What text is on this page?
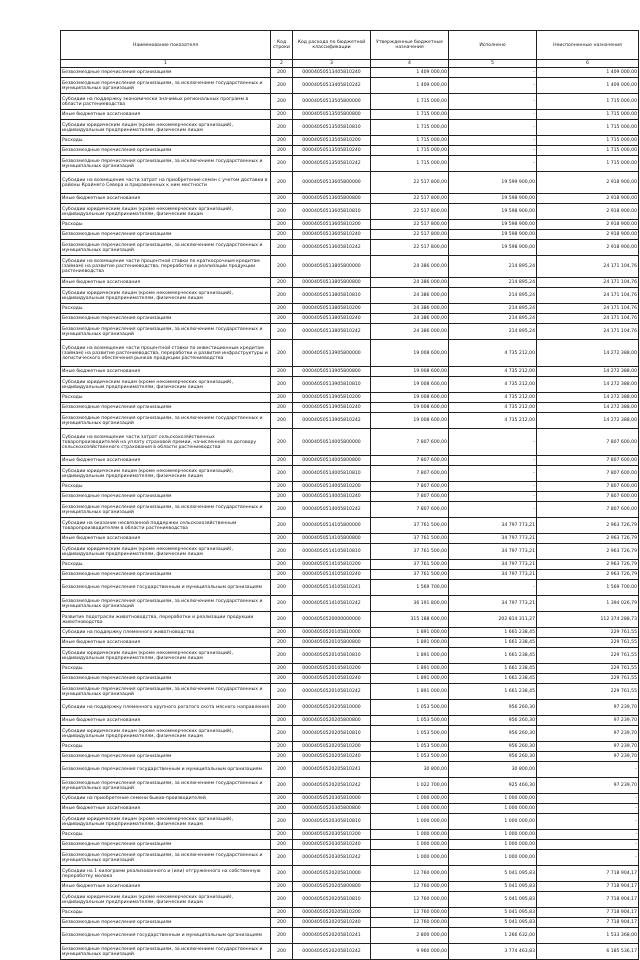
Наименование показателя	Код строки	Код расхода по бюджетной классификации	Утвержденные бюджетные назначения	Исполнено	Неисполненные назначения
1	2	3	4	5	6
Безвозмездные перечисления организациям	200	00004050513405810240	1 409 000,00	-	1 409 000,00
Безвозмездные перечисления организациям, за исключением государственных и муниципальных организаций	200	00004050513405810242	1 409 000,00	-	1 409 000,00
Субсидии на поддержку экономически значимых региональных программ в области растениеводства	200	00004050513505800000	1 715 000,00	-	1 715 000,00
Иные бюджетные ассигнования	200	00004050513505800800	1 715 000,00	-	1 715 000,00
Субсидии юридическим лицам (кроме некоммерческих организаций), индивидуальным предпринимателям, физическим лицам	200	00004050513505810810	1 715 000,00	-	1 715 000,00
Расходы	200	00004050513505810200	1 715 000,00	-	1 715 000,00
Безвозмездные перечисления организациям	200	00004050513505810240	1 715 000,00	-	1 715 000,00
Безвозмездные перечисления организациям, за исключением государственных и муниципальных организаций	200	00004050513505810242	1 715 000,00	-	1 715 000,00
Субсидии на возмещение части затрат на приобретение семян с учетом доставки в районы Крайнего Севера и приравненных к ним местности	200	00004050513605800000	22 517 800,00	19 599 900,00	2 918 900,00
Иные бюджетные ассигнования	200	00004050513605800800	22 517 800,00	19 598 900,00	2 918 900,00
Субсидии юридическим лицам (кроме некоммерческих организаций), индивидуальным предпринимателям, физическим лицам	200	00004050513605810810	22 517 800,00	19 598 900,00	2 918 900,00
Расходы	200	00004050513605810200	22 517 800,00	19 598 900,00	2 918 900,00
Безвозмездные перечисления организациям	200	00004050513605810240	22 517 800,00	19 598 900,00	2 918 900,00
Безвозмездные перечисления организациям, за исключением государственных и муниципальных организаций	200	00004050513605810242	22 517 800,00	19 598 900,00	2 918 900,00
Субсидии на возмещение части процентной ставки по краткосрочным кредитам (займам) на развитие растениеводства, переработки и реализации продукции растениеводства	200	00004050513805800000	24 386 000,00	214 895,24	24 171 104,76
Иные бюджетные ассигнования	200	00004050513805800800	24 386 000,00	214 895,24	24 171 104,76
Субсидии юридическим лицам (кроме некоммерческих организаций), индивидуальным предпринимателям, физическим лицам	200	00004050513805810810	24 386 000,00	214 895,24	24 171 104,76
Расходы	200	00004050513805810200	24 386 000,00	214 895,24	24 171 104,76
Безвозмездные перечисления организациям	200	00004050513805810240	24 386 000,00	214 895,24	24 171 104,76
Безвозмездные перечисления организациям, за исключением государственных и муниципальных организаций	200	00004050513805810242	24 386 000,00	214 895,24	24 171 104,76
Субсидии на возмещение части процентной ставки по инвестиционным кредитам (займам) на развитие растениеводства, переработки и развития инфраструктуры и логистического обеспечения рынков продукции растениеводства	200	00004050513905800000	19 008 600,00	4 735 212,00	14 272 388,00
Иные бюджетные ассигнования	200	00004050513905800800	19 008 600,00	4 735 212,00	14 272 388,00
Субсидии юридическим лицам (кроме некоммерческих организаций), индивидуальным предпринимателям, физическим лицам	200	00004050513905810810	19 008 600,00	4 735 212,00	14 272 388,00
Расходы	200	00004050513905810200	19 008 600,00	4 735 212,00	14 272 388,00
Безвозмездные перечисления организациям	200	00004050513905810240	19 008 600,00	4 735 212,00	14 272 388,00
Безвозмездные перечисления организациям, за исключением государственных и муниципальных организаций	200	00004050513905810242	19 008 600,00	4 735 212,00	14 272 388,00
Субсидии на возмещение части затрат сельскохозяйственных товаропроизводителей на уплату страховой премии, начисленной по договору сельскохозяйственного страхования в области растениеводства	200	00004050514005800000	7 807 600,00	-	7 807 600,00
Иные бюджетные ассигнования	200	00004050514005800800	7 807 600,00	-	7 807 600,00
Субсидии юридическим лицам (кроме некоммерческих организаций), индивидуальным предпринимателям, физическим лицам	200	00004050514005810810	7 807 600,00	-	7 807 600,00
Расходы	200	00004050514005810200	7 807 600,00	-	7 807 600,00
Безвозмездные перечисления организациям	200	00004050514005810240	7 807 600,00	-	7 807 600,00
Безвозмездные перечисления организациям, за исключением государственных и муниципальных организаций	200	00004050514005810242	7 807 600,00	-	7 807 600,00
Субсидии на оказание несвязанной поддержки сельскохозяйственным товаропроизводителям в области растениеводства	200	00004050514105800000	37 761 500,00	34 797 773,21	2 963 726,79
Иные бюджетные ассигнования	200	00004050514105800800	37 761 500,00	34 797 773,21	2 963 726,79
Субсидии юридическим лицам (кроме некоммерческих организаций), индивидуальным предпринимателям, физическим лицам	200	00004050514105810810	37 761 500,00	34 797 773,21	2 963 726,79
Расходы	200	00004050514105810200	37 761 500,00	34 797 773,21	2 963 726,79
Безвозмездные перечисления организациям	200	00004050514105810240	37 761 500,00	34 797 773,21	2 963 726,79
Безвозмездные перечисления государственным и муниципальным организациям	200	00004050514105810241	1 569 700,00	-	1 569 700,00
Безвозмездные перечисления организациям, за исключением государственных и муниципальных организаций	200	00004050514105810242	36 191 800,00	34 797 773,21	1 394 026,79
Развитие подотрасли животноводства, переработки и реализации продукции животноводства	200	00004050520000000000	315 188 600,00	202 814 311,27	112 374 288,73
Субсидии на поддержку племенного животноводства	200	00004050520105810000	1 891 000,00	1 661 238,45	229 761,55
Иные бюджетные ассигнования	200	00004050520105800800	1 891 000,00	1 661 238,45	229 761,55
Субсидии юридическим лицам (кроме некоммерческих организаций), индивидуальным предпринимателям, физическим лицам	200	00004050520105810810	1 891 000,00	1 661 238,45	229 761,55
Расходы	200	00004050520105810200	1 891 000,00	1 661 238,45	229 761,55
Безвозмездные перечисления организациям	200	00004050520105810240	1 891 000,00	1 661 238,45	229 761,55
Безвозмездные перечисления организациям, за исключением государственных и муниципальных организаций	200	00004050520105810242	1 891 000,00	1 661 238,45	229 761,55
Субсидии на поддержку племенного крупного рогатого скота мясного направления	200	00004050520205810000	1 053 500,00	956 260,30	97 239,70
Иные бюджетные ассигнования	200	00004050520205800800	1 053 500,00	956 260,30	97 239,70
Субсидии юридическим лицам (кроме некоммерческих организаций), индивидуальным предпринимателям, физическим лицам	200	00004050520205810810	1 053 500,00	956 260,30	97 239,70
Расходы	200	00004050520205810200	1 053 500,00	956 260,30	97 239,70
Безвозмездные перечисления организациям	200	00004050520205810240	1 053 500,00	956 260,30	97 239,70
Безвозмездные перечисления государственным и муниципальным организациям	200	00004050520205810241	30 800,00	30 800,00	-
Безвозмездные перечисления организациям, за исключением государственных и муниципальных организаций	200	00004050520205810242	1 022 700,00	925 460,30	97 239,70
Субсидии на приобретение семени быков-производителей	200	00004050520305810000	1 000 000,00	1 000 000,00	-
Иные бюджетные ассигнования	200	00004050520305800800	1 000 000,00	1 000 000,00	-
Субсидии юридическим лицам (кроме некоммерческих организаций), индивидуальным предпринимателям, физическим лицам	200	00004050520305810810	1 000 000,00	1 000 000,00	-
Расходы	200	00004050520305810200	1 000 000,00	1 000 000,00	-
Безвозмездные перечисления организациям	200	00004050520305810240	1 000 000,00	1 000 000,00	-
Безвозмездные перечисления организациям, за исключением государственных и муниципальных организаций	200	00004050520305810242	1 000 000,00	1 000 000,00	-
Субсидии на 1 килограмм реализованного и (или) отгруженного на собственную переработку молока	200	00004050520205810000	12 760 000,00	5 041 095,83	7 718 904,17
Иные бюджетные ассигнования	200	00004050520205800800	12 760 000,00	5 041 095,83	7 718 904,17
Субсидии юридическим лицам (кроме некоммерческих организаций), индивидуальным предпринимателям, физическим лицам	200	00004050520205810810	12 760 000,00	5 041 095,83	7 718 904,17
Расходы	200	00004050520205810200	12 760 000,00	5 041 095,83	7 718 904,17
Безвозмездные перечисления организациям	200	00004050520205810240	12 760 000,00	5 041 095,83	7 718 904,17
Безвозмездные перечисления государственным и муниципальным организациям	200	00004050520205810241	2 800 000,00	1 266 632,00	1 533 368,00
Безвозмездные перечисления организациям, за исключением государственных и муниципальных организаций	200	00004050520205810242	9 960 000,00	3 774 463,83	6 185 536,17
